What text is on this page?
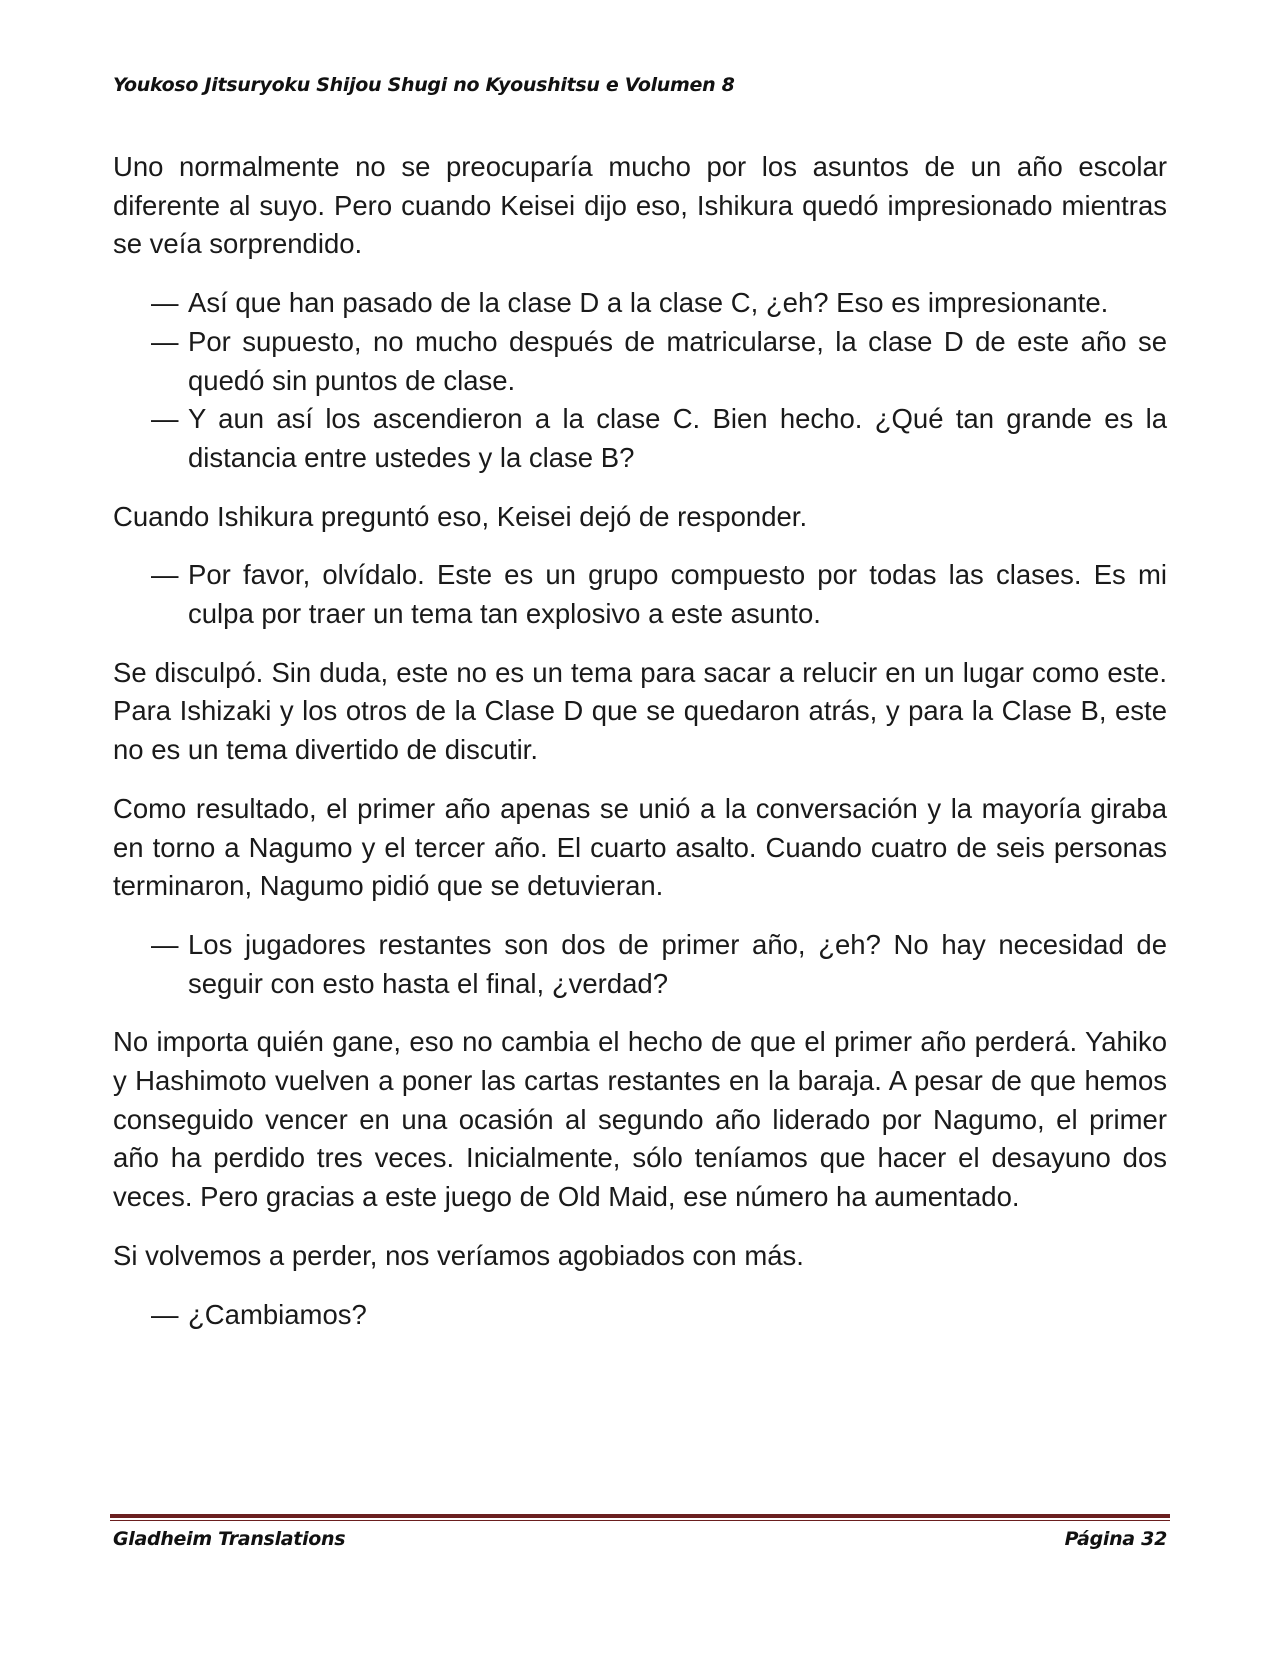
Youkoso Jitsuryoku Shijou Shugi no Kyoushitsu e Volumen 8

Uno normalmente no se preocuparía mucho por los asuntos de un año escolar diferente al suyo. Pero cuando Keisei dijo eso, Ishikura quedó impresionado mientras se veía sorprendido.

— Así que han pasado de la clase D a la clase C, ¿eh? Eso es impresionante.

— Por supuesto, no mucho después de matricularse, la clase D de este año se quedó sin puntos de clase.

— Y aun así los ascendieron a la clase C. Bien hecho. ¿Qué tan grande es la distancia entre ustedes y la clase B?

Cuando Ishikura preguntó eso, Keisei dejó de responder.

— Por favor, olvídalo. Este es un grupo compuesto por todas las clases. Es mi culpa por traer un tema tan explosivo a este asunto.

Se disculpó. Sin duda, este no es un tema para sacar a relucir en un lugar como este. Para Ishizaki y los otros de la Clase D que se quedaron atrás, y para la Clase B, este no es un tema divertido de discutir.

Como resultado, el primer año apenas se unió a la conversación y la mayoría giraba en torno a Nagumo y el tercer año. El cuarto asalto. Cuando cuatro de seis personas terminaron, Nagumo pidió que se detuvieran.

— Los jugadores restantes son dos de primer año, ¿eh? No hay necesidad de seguir con esto hasta el final, ¿verdad?

No importa quién gane, eso no cambia el hecho de que el primer año perderá. Yahiko y Hashimoto vuelven a poner las cartas restantes en la baraja. A pesar de que hemos conseguido vencer en una ocasión al segundo año liderado por Nagumo, el primer año ha perdido tres veces. Inicialmente, sólo teníamos que hacer el desayuno dos veces. Pero gracias a este juego de Old Maid, ese número ha aumentado.

Si volvemos a perder, nos veríamos agobiados con más.

— ¿Cambiamos?

Gladheim Translations	Página 32
